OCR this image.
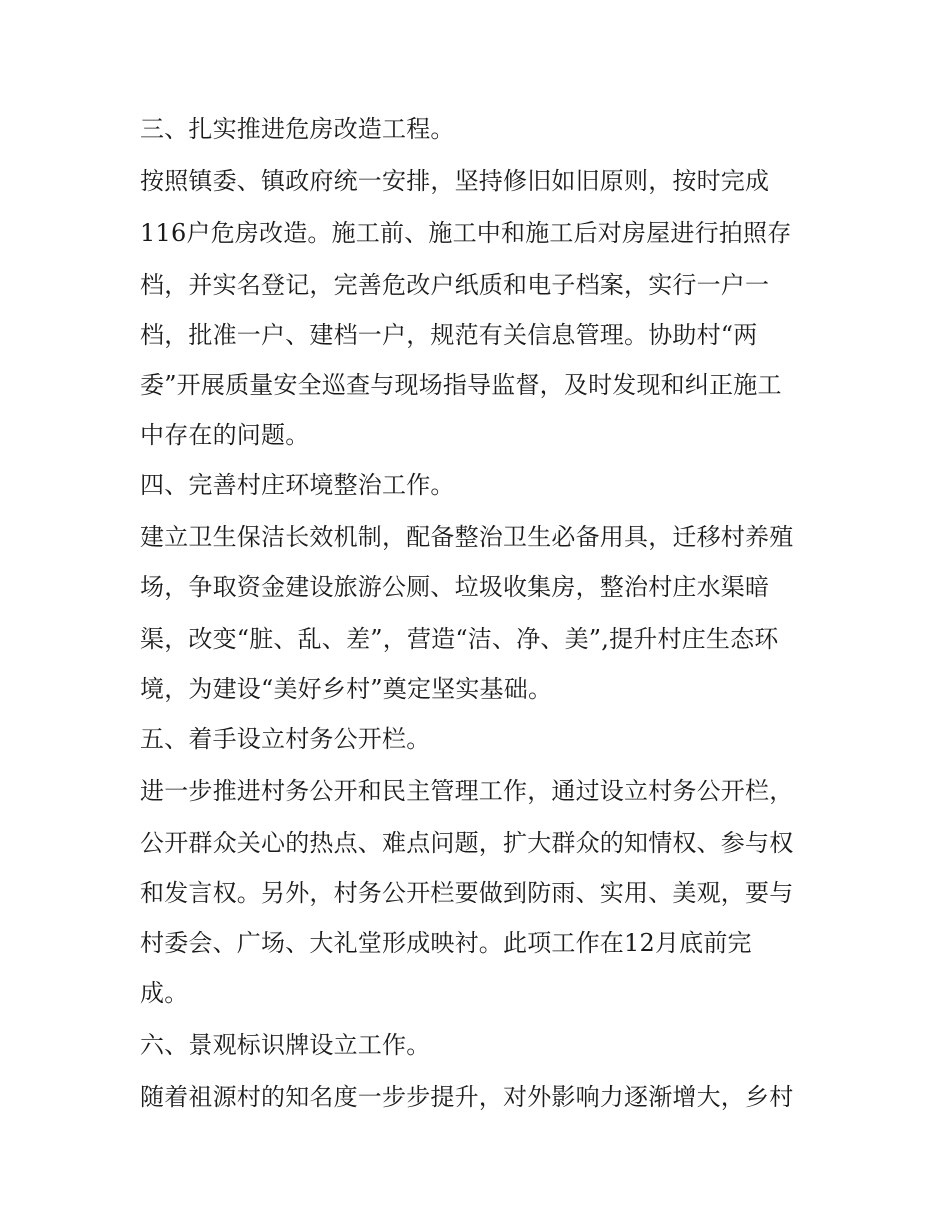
三、扎实推进危房改造工程。
按照镇委、镇政府统一安排，坚持修旧如旧原则，按时完成
116户危房改造。施工前、施工中和施工后对房屋进行拍照存
档，并实名登记，完善危改户纸质和电子档案，实行一户一
档，批准一户、建档一户，规范有关信息管理。协助村“两
委”开展质量安全巡查与现场指导监督，及时发现和纠正施工
中存在的问题。
四、完善村庄环境整治工作。
建立卫生保洁长效机制，配备整治卫生必备用具，迁移村养殖
场，争取资金建设旅游公厕、垃圾收集房，整治村庄水渠暗
渠，改变“脏、乱、差”，营造“洁、净、美”,提升村庄生态环
境，为建设“美好乡村”奠定坚实基础。
五、着手设立村务公开栏。
进一步推进村务公开和民主管理工作，通过设立村务公开栏，
公开群众关心的热点、难点问题，扩大群众的知情权、参与权
和发言权。另外，村务公开栏要做到防雨、实用、美观，要与
村委会、广场、大礼堂形成映衬。此项工作在12月底前完
成。
六、景观标识牌设立工作。
随着祖源村的知名度一步步提升，对外影响力逐渐增大，乡村
